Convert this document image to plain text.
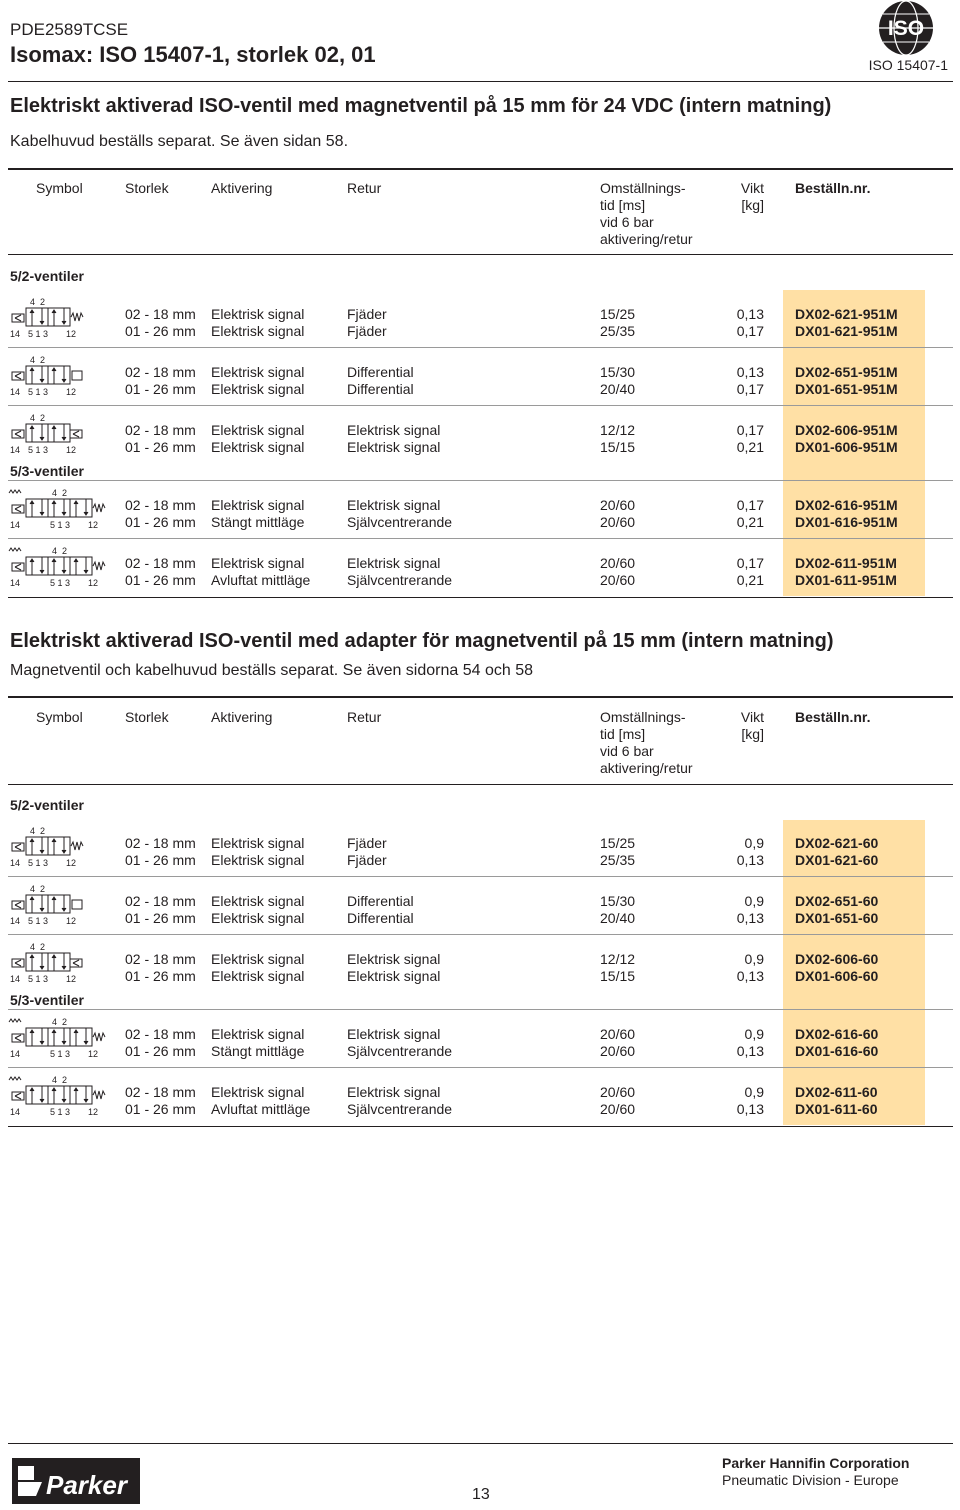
PDE2589TCSE
Isomax: ISO 15407-1, storlek 02, 01
ISO
ISO 15407-1
Elektriskt aktiverad ISO-ventil med magnetventil på 15 mm för 24 VDC (intern matning)
Kabelhuvud beställs separat. Se även sidan 58.
Symbol	Storlek	Aktivering	Retur	Omställnings-
tid [ms]
vid 6 bar
aktivering/retur
Vikt
[kg]
Beställn.nr.
5/2-ventiler
5/3-ventiler
4 2
14 5 1 3 12
02 - 18 mm Elektrisk signal	Fjäder	15/25	0,13 DX02-621-951M
01 - 26 mm Elektrisk signal	Fjäder	25/35	0,17 DX01-621-951M
4 2
14 5 1 3 12
02 - 18 mm Elektrisk signal	Differential	15/30	0,13 DX02-651-951M
01 - 26 mm Elektrisk signal	Differential	20/40	0,17 DX01-651-951M
4 2
14 5 1 3 12
02 - 18 mm Elektrisk signal	Elektrisk signal	12/12	0,17 DX02-606-951M
01 - 26 mm Elektrisk signal	Elektrisk signal	15/15	0,21 DX01-606-951M
4 2
14	5 1 3 12
02 - 18 mm Elektrisk signal	Elektrisk signal	20/60	0,17 DX02-616-951M
01 - 26 mm Stängt mittläge	Självcentrerande	20/60	0,21 DX01-616-951M
4 2
14	5 1 3 12
02 - 18 mm Elektrisk signal	Elektrisk signal	20/60	0,17 DX02-611-951M
01 - 26 mm Avluftat mittläge	Självcentrerande	20/60	0,21 DX01-611-951M
Elektriskt aktiverad ISO-ventil med adapter för magnetventil på 15 mm (intern matning)
Magnetventil och kabelhuvud beställs separat. Se även sidorna 54 och 58
Symbol	Storlek	Aktivering	Retur	Omställnings-
tid [ms]
vid 6 bar
aktivering/retur
Vikt
[kg]
Beställn.nr.
5/2-ventiler
5/3-ventiler
4 2
14 5 1 3 12
02 - 18 mm Elektrisk signal	Fjäder	15/25	0,9 DX02-621-60
01 - 26 mm Elektrisk signal	Fjäder	25/35	0,13 DX01-621-60
4 2
14 5 1 3 12
02 - 18 mm Elektrisk signal	Differential	15/30	0,9 DX02-651-60
01 - 26 mm Elektrisk signal	Differential	20/40	0,13 DX01-651-60
4 2
14 5 1 3 12
02 - 18 mm Elektrisk signal	Elektrisk signal	12/12	0,9 DX02-606-60
01 - 26 mm Elektrisk signal	Elektrisk signal	15/15	0,13 DX01-606-60
4 2
14	5 1 3 12
02 - 18 mm Elektrisk signal	Elektrisk signal	20/60	0,9 DX02-616-60
01 - 26 mm Stängt mittläge	Självcentrerande	20/60	0,13 DX01-616-60
4 2
14	5 1 3 12
02 - 18 mm Elektrisk signal	Elektrisk signal	20/60	0,9 DX02-611-60
01 - 26 mm Avluftat mittläge	Självcentrerande	20/60	0,13 DX01-611-60
Parker	13
Parker Hannifin Corporation
Pneumatic Division - Europe
